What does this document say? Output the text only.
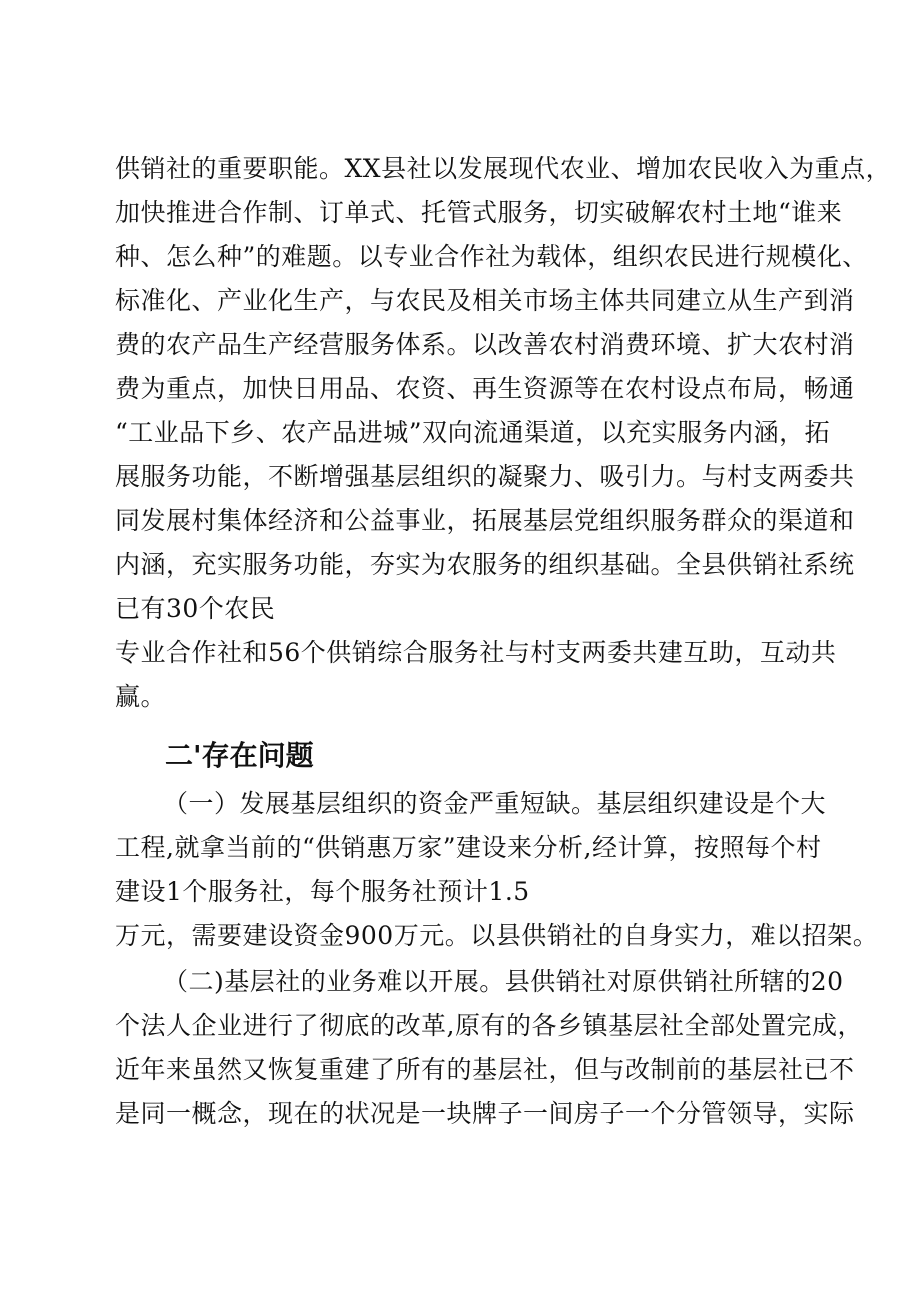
供销社的重要职能。XX县社以发展现代农业、增加农民收入为重点，

加快推进合作制、订单式、托管式服务，切实破解农村土地“谁来

种、怎么种”的难题。以专业合作社为载体，组织农民进行规模化、

标准化、产业化生产，与农民及相关市场主体共同建立从生产到消

费的农产品生产经营服务体系。以改善农村消费环境、扩大农村消

费为重点，加快日用品、农资、再生资源等在农村设点布局，畅通

“工业品下乡、农产品进城”双向流通渠道，以充实服务内涵，拓

展服务功能，不断增强基层组织的凝聚力、吸引力。与村支两委共

同发展村集体经济和公益事业，拓展基层党组织服务群众的渠道和

内涵，充实服务功能，夯实为农服务的组织基础。全县供销社系统

已有30个农民

专业合作社和56个供销综合服务社与村支两委共建互助，互动共

赢。

二'存在问题

（一）发展基层组织的资金严重短缺。基层组织建设是个大

工程,就拿当前的“供销惠万家”建设来分析,经计算，按照每个村

建设1个服务社，每个服务社预计1.5

万元，需要建设资金900万元。以县供销社的自身实力，难以招架。

（二)基层社的业务难以开展。县供销社对原供销社所辖的20

个法人企业进行了彻底的改革,原有的各乡镇基层社全部处置完成，

近年来虽然又恢复重建了所有的基层社，但与改制前的基层社已不

是同一概念，现在的状况是一块牌子一间房子一个分管领导，实际
